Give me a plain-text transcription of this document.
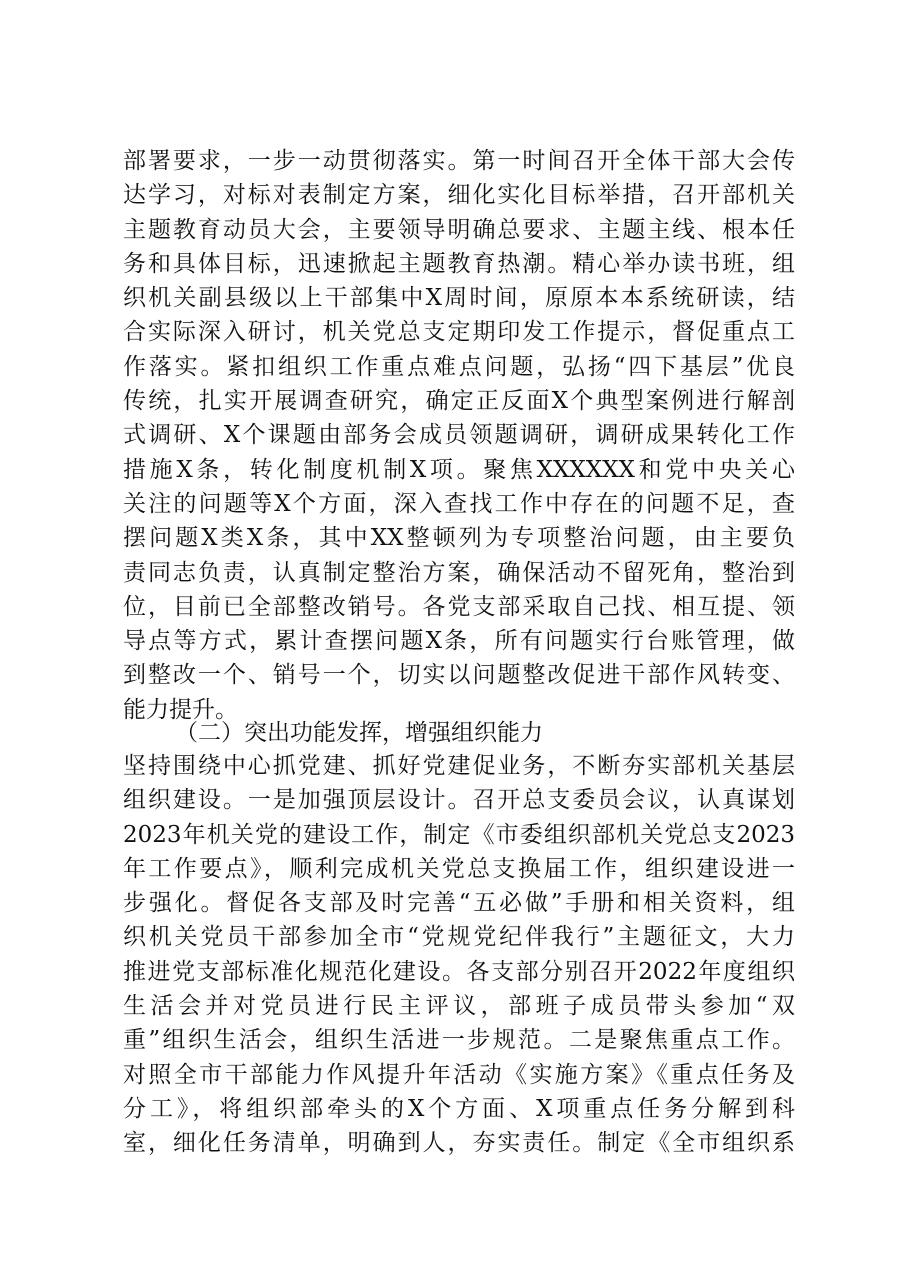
部署要求，一步一动贯彻落实。第一时间召开全体干部大会传
达学习，对标对表制定方案，细化实化目标举措，召开部机关
主题教育动员大会，主要领导明确总要求、主题主线、根本任
务和具体目标，迅速掀起主题教育热潮。精心举办读书班，组
织机关副县级以上干部集中X周时间，原原本本系统研读，结
合实际深入研讨，机关党总支定期印发工作提示，督促重点工
作落实。紧扣组织工作重点难点问题，弘扬“四下基层”优良
传统，扎实开展调查研究，确定正反面X个典型案例进行解剖
式调研、X个课题由部务会成员领题调研，调研成果转化工作
措施X条，转化制度机制X项。聚焦XXXXXX和党中央关心
关注的问题等X个方面，深入查找工作中存在的问题不足，查
摆问题X类X条，其中XX整顿列为专项整治问题，由主要负
责同志负责，认真制定整治方案，确保活动不留死角，整治到
位，目前已全部整改销号。各党支部采取自己找、相互提、领
导点等方式，累计查摆问题X条，所有问题实行台账管理，做
到整改一个、销号一个，切实以问题整改促进干部作风转变、
能力提升。
（二）突出功能发挥，增强组织能力
坚持围绕中心抓党建、抓好党建促业务，不断夯实部机关基层
组织建设。一是加强顶层设计。召开总支委员会议，认真谋划
2023年机关党的建设工作，制定《市委组织部机关党总支2023
年工作要点》，顺利完成机关党总支换届工作，组织建设进一
步强化。督促各支部及时完善“五必做”手册和相关资料，组
织机关党员干部参加全市“党规党纪伴我行”主题征文，大力
推进党支部标准化规范化建设。各支部分别召开2022年度组织
生活会并对党员进行民主评议，部班子成员带头参加“双
重”组织生活会，组织生活进一步规范。二是聚焦重点工作。
对照全市干部能力作风提升年活动《实施方案》《重点任务及
分工》，将组织部牵头的X个方面、X项重点任务分解到科
室，细化任务清单，明确到人，夯实责任。制定《全市组织系
